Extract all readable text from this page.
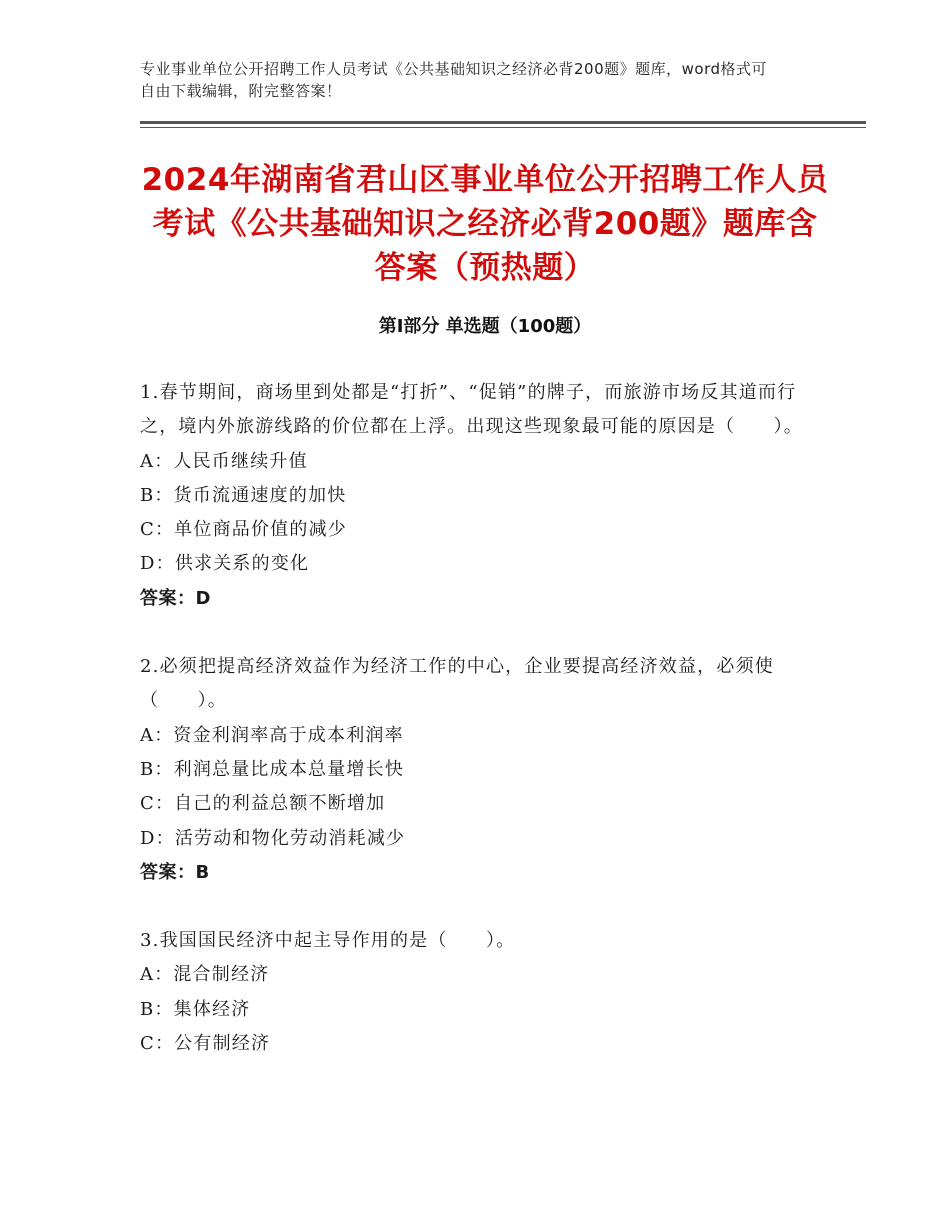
专业事业单位公开招聘工作人员考试《公共基础知识之经济必背200题》题库，word格式可自由下载编辑，附完整答案！
2024年湖南省君山区事业单位公开招聘工作人员考试《公共基础知识之经济必背200题》题库含答案（预热题）
第Ⅰ部分 单选题（100题）
1.春节期间，商场里到处都是“打折”、“促销”的牌子，而旅游市场反其道而行之，境内外旅游线路的价位都在上浮。出现这些现象最可能的原因是（　　）。
A：人民币继续升值
B：货币流通速度的加快
C：单位商品价值的减少
D：供求关系的变化
答案：D
2.必须把提高经济效益作为经济工作的中心，企业要提高经济效益，必须使（　　）。
A：资金利润率高于成本利润率
B：利润总量比成本总量增长快
C：自己的利益总额不断增加
D：活劳动和物化劳动消耗减少
答案：B
3.我国国民经济中起主导作用的是（　　）。
A：混合制经济
B：集体经济
C：公有制经济
